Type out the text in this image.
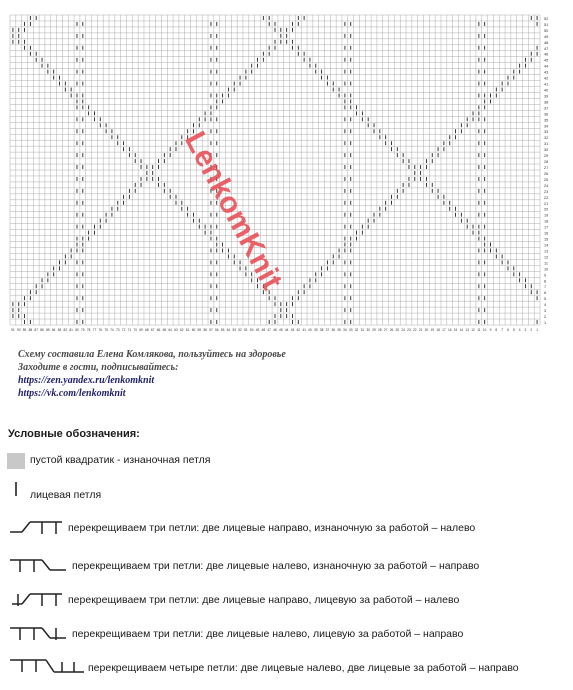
1
2
3
4
5
6
7
8
9
10
11
12
13
14
15
16
17
18
19
20
21
22
23
24
25
26
27
28
29
30
31
32
33
34
35
36
37
38
39
40
41
42
43
44
45
46
47
48
49
50
51
52
91 90 89 88 87 86 85 84 83 82 81 80 79 78 77 76 75 74 73 72 71 70 69 68 67 66 65 64 63 62 61 60 59 58 57 56 55 54 53 52 51 50 49 48 47 46 45 44 43 42 41 40 39 38 37 36 35 34 33 32 31 30 29 28 27 26 25 24 23 22 21 20 19 18 17 16 15 14 13 12 11 10 9 8 7 6 5 4 3 2 1
LenkomKnit
Схему составила Елена Комлякова, пользуйтесь на здоровье
Заходите в гости, подписывайтесь:
https://zen.yandex.ru/lenkomknit
https://vk.com/lenkomknit
Условные обозначения:
пустой квадратик - изнаночная петля
лицевая петля
перекрещиваем три петли: две лицевые направо, изнаночную за работой – налево
перекрещиваем три петли: две лицевые налево, изнаночную за работой – направо
перекрещиваем три петли: две лицевые направо, лицевую за работой – налево
перекрещиваем три петли: две лицевые налево, лицевую за работой – направо
перекрещиваем четыре петли: две лицевые налево, две лицевые за работой – направо
